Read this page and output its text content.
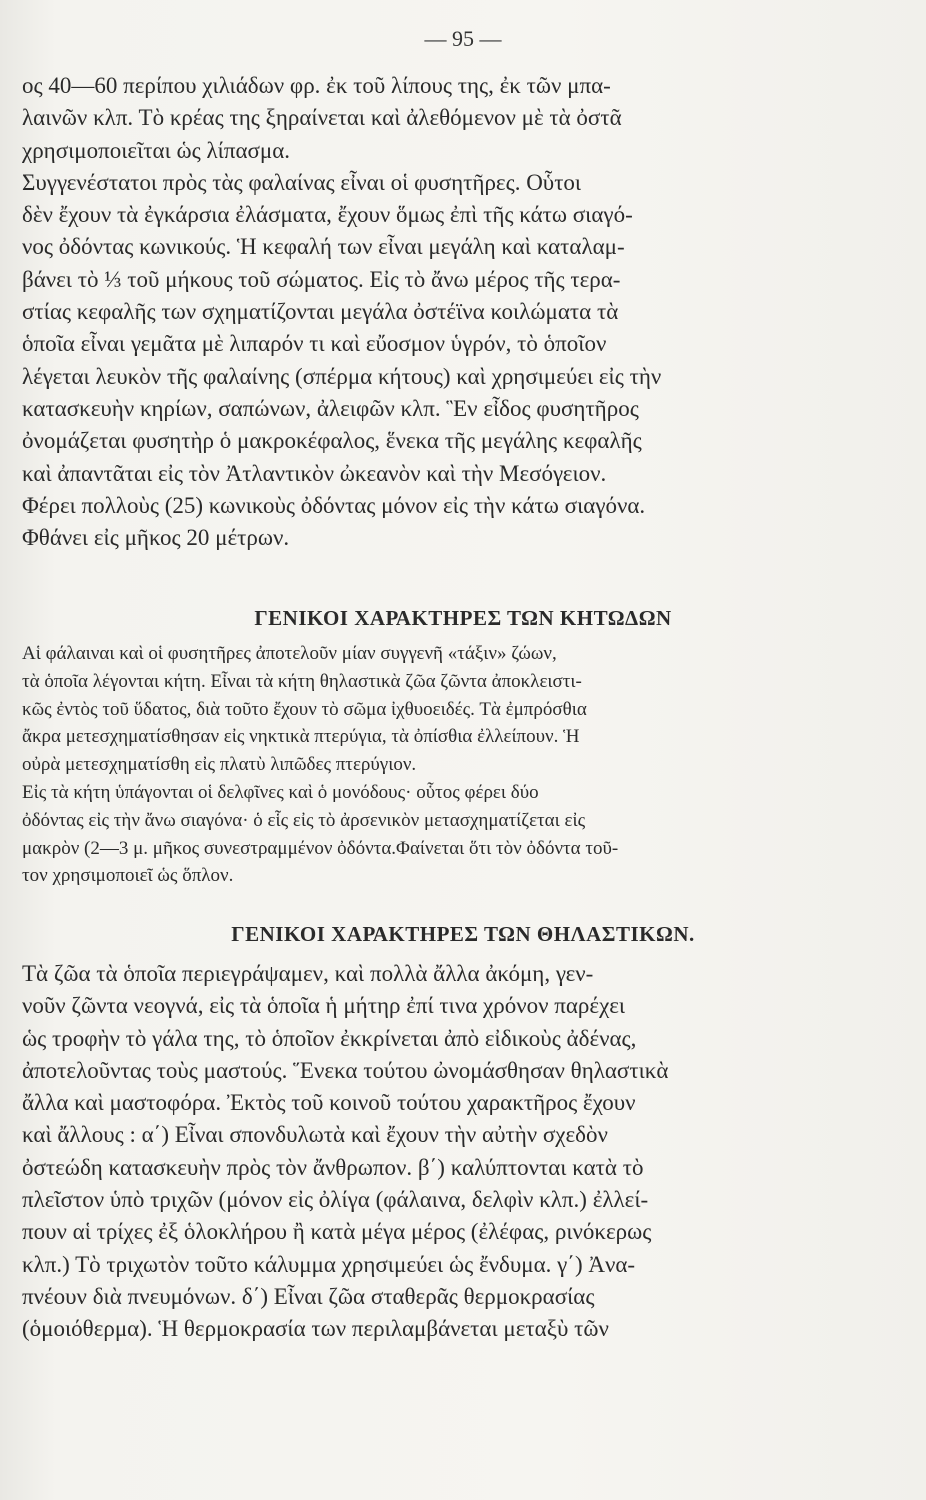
— 95 —
ος 40—60 περίπου χιλιάδων φρ. ἐκ τοῦ λίπους της, ἐκ τῶν μπα-
λαινῶν κλπ. Τὸ κρέας της ξηραίνεται καὶ ἀλεθόμενον μὲ τὰ ὀστᾶ
χρησιμοποιεῖται ὡς λίπασμα.
Συγγενέστατοι πρὸς τὰς φαλαίνας εἶναι οἱ φυσητῆρες. Οὗτοι
δὲν ἔχουν τὰ ἐγκάρσια ἐλάσματα, ἔχουν ὅμως ἐπὶ τῆς κάτω σιαγό-
νος ὀδόντας κωνικούς. Ἡ κεφαλή των εἶναι μεγάλη καὶ καταλαμ-
βάνει τὸ ⅓ τοῦ μήκους τοῦ σώματος. Εἰς τὸ ἄνω μέρος τῆς τερα-
στίας κεφαλῆς των σχηματίζονται μεγάλα ὀστέϊνα κοιλώματα τὰ
ὁποῖα εἶναι γεμᾶτα μὲ λιπαρόν τι καὶ εὔοσμον ὑγρόν, τὸ ὁποῖον
λέγεται λευκὸν τῆς φαλαίνης (σπέρμα κήτους) καὶ χρησιμεύει εἰς τὴν
κατασκευὴν κηρίων, σαπώνων, ἀλειφῶν κλπ. Ἓν εἶδος φυσητῆρος
ὀνομάζεται φυσητὴρ ὁ μακροκέφαλος, ἕνεκα τῆς μεγάλης κεφαλῆς
καὶ ἀπαντᾶται εἰς τὸν Ἀτλαντικὸν ὠκεανὸν καὶ τὴν Μεσόγειον.
Φέρει πολλοὺς (25) κωνικοὺς ὀδόντας μόνον εἰς τὴν κάτω σιαγόνα.
Φθάνει εἰς μῆκος 20 μέτρων.
ΓΕΝΙΚΟΙ ΧΑΡΑΚΤΗΡΕΣ ΤΩΝ ΚΗΤΩΔΩΝ
Αἱ φάλαιναι καὶ οἱ φυσητῆρες ἀποτελοῦν μίαν συγγενῆ «τάξιν» ζώων,
τὰ ὁποῖα λέγονται κήτη. Εἶναι τὰ κήτη θηλαστικὰ ζῶα ζῶντα ἀποκλειστι-
κῶς ἐντὸς τοῦ ὕδατος, διὰ τοῦτο ἔχουν τὸ σῶμα ἰχθυοειδές. Τὰ ἐμπρόσθια
ἄκρα μετεσχηματίσθησαν εἰς νηκτικὰ πτερύγια, τὰ ὀπίσθια ἐλλείπουν. Ἡ
οὐρὰ μετεσχηματίσθη εἰς πλατὺ λιπῶδες πτερύγιον.
Εἰς τὰ κήτη ὑπάγονται οἱ δελφῖνες καὶ ὁ μονόδους· οὗτος φέρει δύο
ὀδόντας εἰς τὴν ἄνω σιαγόνα· ὁ εἷς εἰς τὸ ἀρσενικὸν μετασχηματίζεται εἰς
μακρὸν (2—3 μ. μῆκος συνεστραμμένον ὀδόντα.Φαίνεται ὅτι τὸν ὀδόντα τοῦ-
τον χρησιμοποιεῖ ὡς ὅπλον.
ΓΕΝΙΚΟΙ ΧΑΡΑΚΤΗΡΕΣ ΤΩΝ ΘΗΛΑΣΤΙΚΩΝ.
Τὰ ζῶα τὰ ὁποῖα περιεγράψαμεν, καὶ πολλὰ ἄλλα ἀκόμη, γεν-
νοῦν ζῶντα νεογνά, εἰς τὰ ὁποῖα ἡ μήτηρ ἐπί τινα χρόνον παρέχει
ὡς τροφὴν τὸ γάλα της, τὸ ὁποῖον ἐκκρίνεται ἀπὸ εἰδικοὺς ἀδένας,
ἀποτελοῦντας τοὺς μαστούς. Ἕνεκα τούτου ὠνομάσθησαν θηλαστικὰ
ἄλλα καὶ μαστοφόρα. Ἐκτὸς τοῦ κοινοῦ τούτου χαρακτῆρος ἔχουν
καὶ ἄλλους : α΄) Εἶναι σπονδυλωτὰ καὶ ἔχουν τὴν αὐτὴν σχεδὸν
ὀστεώδη κατασκευὴν πρὸς τὸν ἄνθρωπον. β΄) καλύπτονται κατὰ τὸ
πλεῖστον ὑπὸ τριχῶν (μόνον εἰς ὀλίγα (φάλαινα, δελφὶν κλπ.) ἐλλεί-
πουν αἱ τρίχες ἐξ ὁλοκλήρου ἢ κατὰ μέγα μέρος (ἐλέφας, ρινόκερως
κλπ.) Τὸ τριχωτὸν τοῦτο κάλυμμα χρησιμεύει ὡς ἔνδυμα. γ΄) Ἀνα-
πνέουν διὰ πνευμόνων. δ΄) Εἶναι ζῶα σταθερᾶς θερμοκρασίας
(ὁμοιόθερμα). Ἡ θερμοκρασία των περιλαμβάνεται μεταξὺ τῶν
